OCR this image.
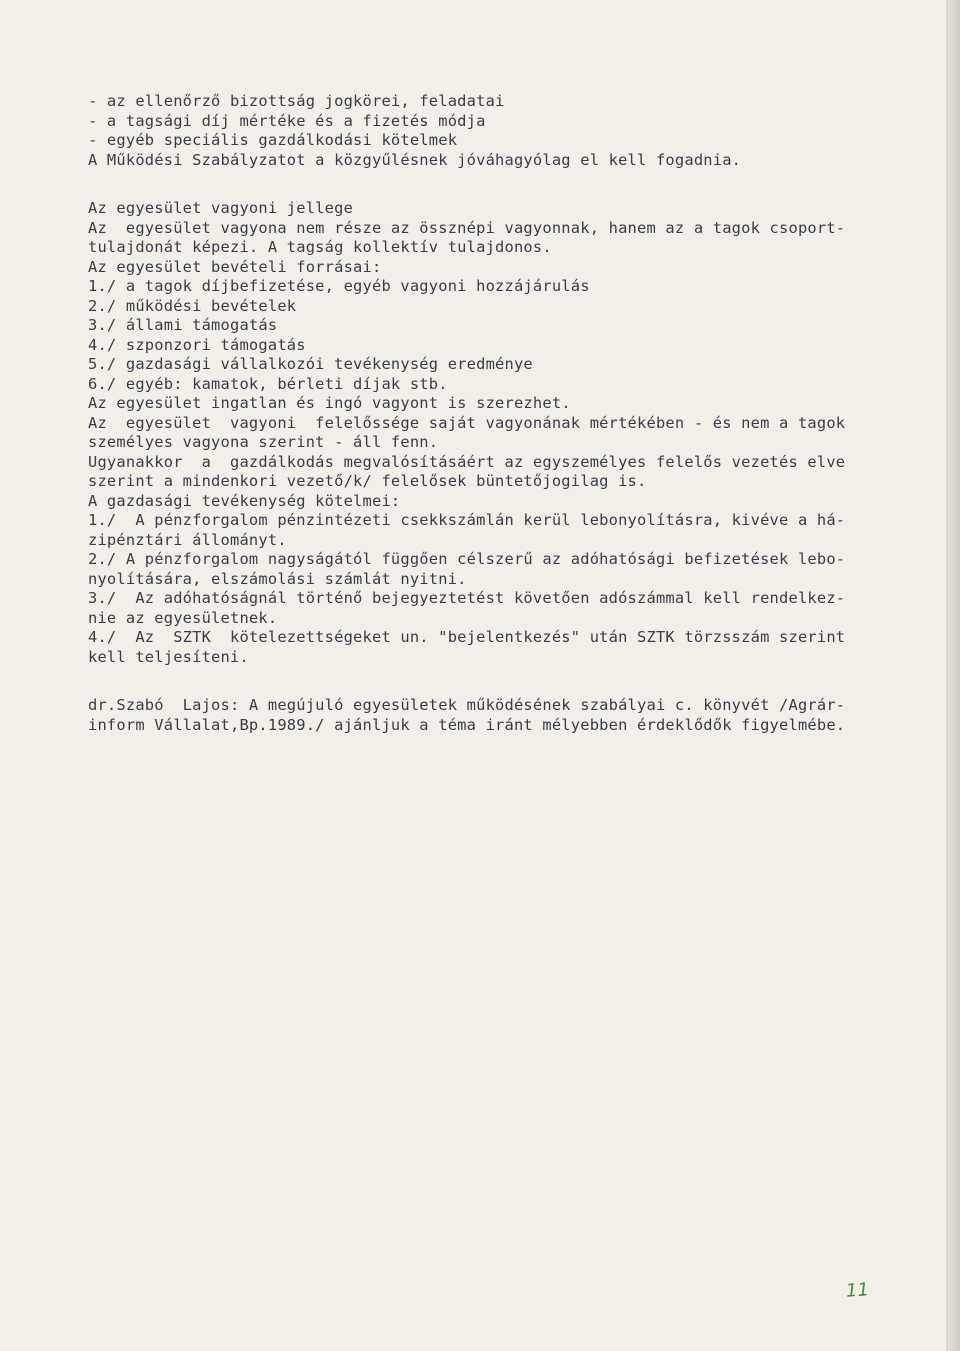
- az ellenőrző bizottság jogkörei, feladatai
- a tagsági díj mértéke és a fizetés módja
- egyéb speciális gazdálkodási kötelmek
A Működési Szabályzatot a közgyűlésnek jóváhagyólag el kell fogadnia.
Az egyesület vagyoni jellege
Az  egyesület vagyona nem része az össznépi vagyonnak, hanem az a tagok csoport-
tulajdonát képezi. A tagság kollektív tulajdonos.
Az egyesület bevételi forrásai:
1./ a tagok díjbefizetése, egyéb vagyoni hozzájárulás
2./ működési bevételek
3./ állami támogatás
4./ szponzori támogatás
5./ gazdasági vállalkozói tevékenység eredménye
6./ egyéb: kamatok, bérleti díjak stb.
Az egyesület ingatlan és ingó vagyont is szerezhet.
Az  egyesület  vagyoni  felelőssége saját vagyonának mértékében - és nem a tagok
személyes vagyona szerint - áll fenn.
Ugyanakkor  a  gazdálkodás megvalósításáért az egyszemélyes felelős vezetés elve
szerint a mindenkori vezető/k/ felelősek büntetőjogilag is.
A gazdasági tevékenység kötelmei:
1./  A pénzforgalom pénzintézeti csekkszámlán kerül lebonyolításra, kivéve a há-
zipénztári állományt.
2./ A pénzforgalom nagyságától függően célszerű az adóhatósági befizetések lebo-
nyolítására, elszámolási számlát nyitni.
3./  Az adóhatóságnál történő bejegyeztetést követően adószámmal kell rendelkez-
nie az egyesületnek.
4./  Az  SZTK  kötelezettségeket un. "bejelentkezés" után SZTK törzsszám szerint
kell teljesíteni.
dr.Szabó  Lajos: A megújuló egyesületek működésének szabályai c. könyvét /Agrár-
inform Vállalat,Bp.1989./ ajánljuk a téma iránt mélyebben érdeklődők figyelmébe.
11
